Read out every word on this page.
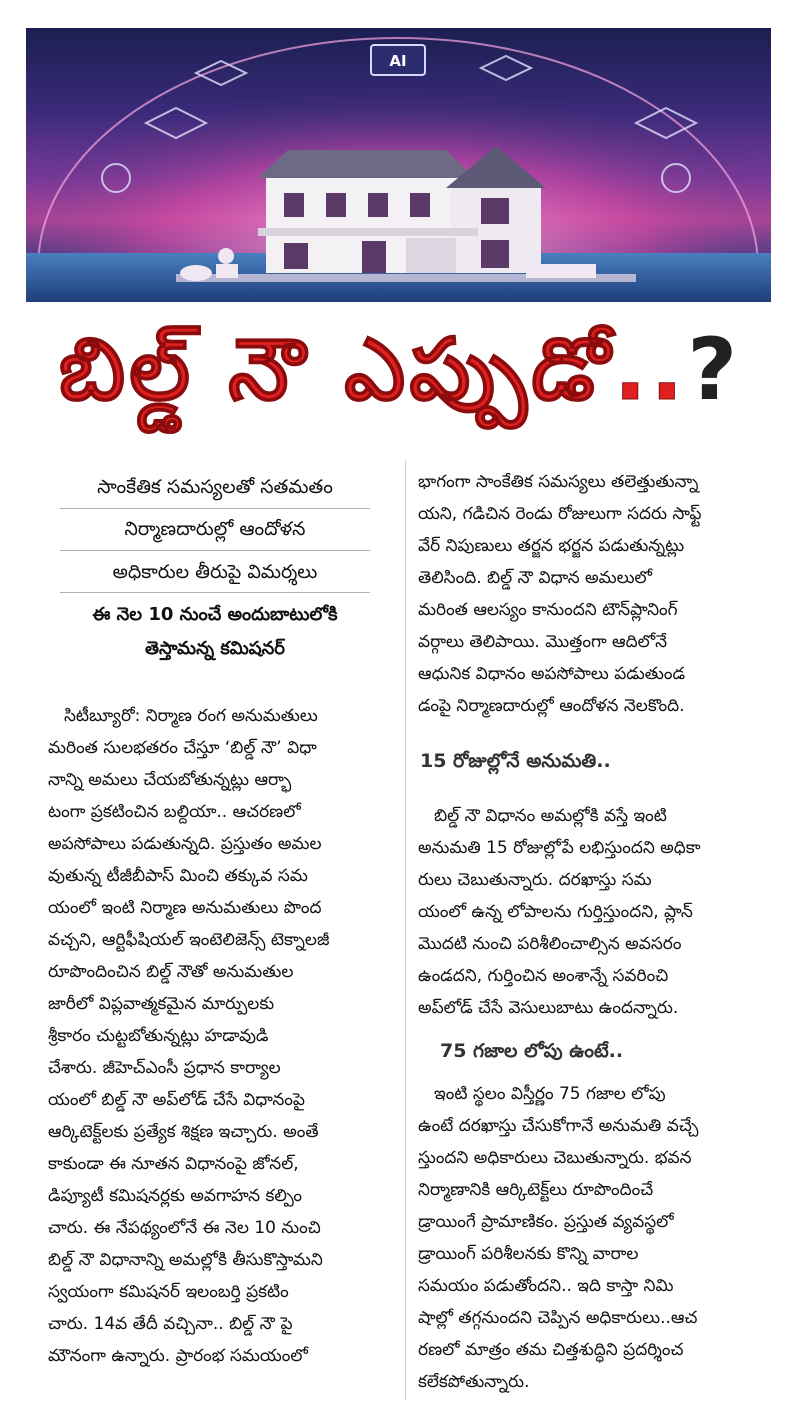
AI
బిల్డ్ నౌ ఎప్పుడో..?
సాంకేతిక సమస్యలతో సతమతం
నిర్మాణదారుల్లో ఆందోళన
అధికారుల తీరుపై విమర్శలు
ఈ నెల 10 నుంచే అందుబాటులోకి
తెస్తామన్న కమిషనర్
సిటీబ్యూరో: నిర్మాణ రంగ అనుమతులు
మరింత సులభతరం చేస్తూ ‘బిల్డ్ నౌ’ విధా
నాన్ని అమలు చేయబోతున్నట్లు ఆర్భా
టంగా ప్రకటించిన బల్దియా.. ఆచరణలో
అపసోపాలు పడుతున్నది. ప్రస్తుతం అమల
వుతున్న టీజీబీపాస్ మించి తక్కువ సమ
యంలో ఇంటి నిర్మాణ అనుమతులు పొంద
వచ్చని, ఆర్టిఫీషియల్ ఇంటెలిజెన్స్ టెక్నాలజీ
రూపొందించిన బిల్డ్ నౌతో అనుమతుల
జారీలో విప్లవాత్మకమైన మార్పులకు
శ్రీకారం చుట్టబోతున్నట్లు హడావుడి
చేశారు. జీహెచ్ఎంసీ ప్రధాన కార్యాల
యంలో బిల్డ్ నౌ అప్‌లోడ్ చేసే విధానంపై
ఆర్కిటెక్ట్‌లకు ప్రత్యేక శిక్షణ ఇచ్చారు. అంతే
కాకుండా ఈ నూతన విధానంపై జోనల్,
డిప్యూటీ కమిషనర్లకు అవగాహన కల్పిం
చారు. ఈ నేపథ్యంలోనే ఈ నెల 10 నుంచి
బిల్డ్ నౌ విధానాన్ని అమల్లోకి తీసుకొస్తామని
స్వయంగా కమిషనర్ ఇలంబర్తి ప్రకటిం
చారు. 14వ తేదీ వచ్చినా.. బిల్డ్ నౌ పై
మౌనంగా ఉన్నారు. ప్రారంభ సమయంలో
భాగంగా సాంకేతిక సమస్యలు తలెత్తుతున్నా
యని, గడిచిన రెండు రోజులుగా సదరు సాఫ్ట్
వేర్ నిపుణులు తర్జన భర్జన పడుతున్నట్లు
తెలిసింది. బిల్డ్ నౌ విధాన అమలులో
మరింత ఆలస్యం కానుందని టౌన్‌ప్లానింగ్
వర్గాలు తెలిపాయి. మొత్తంగా ఆదిలోనే
ఆధునిక విధానం అపసోపాలు పడుతుండ
డంపై నిర్మాణదారుల్లో ఆందోళన నెలకొంది.
15 రోజుల్లోనే అనుమతి..
బిల్డ్ నౌ విధానం అమల్లోకి వస్తే ఇంటి
అనుమతి 15 రోజుల్లోపే లభిస్తుందని అధికా
రులు చెబుతున్నారు. దరఖాస్తు సమ
యంలో ఉన్న లోపాలను గుర్తిస్తుందని, ప్లాన్
మొదటి నుంచి పరిశీలించాల్సిన అవసరం
ఉండదని, గుర్తించిన అంశాన్నే సవరించి
అప్‌లోడ్ చేసే వెసులుబాటు ఉందన్నారు.
75 గజాల లోపు ఉంటే..
ఇంటి స్థలం విస్తీర్ణం 75 గజాల లోపు
ఉంటే దరఖాస్తు చేసుకోగానే అనుమతి వచ్చే
స్తుందని అధికారులు చెబుతున్నారు. భవన
నిర్మాణానికి ఆర్కిటెక్ట్‌లు రూపొందించే
డ్రాయింగే ప్రామాణికం. ప్రస్తుత వ్యవస్థలో
డ్రాయింగ్ పరిశీలనకు కొన్ని వారాల
సమయం పడుతోందని.. ఇది కాస్తా నిమి
షాల్లో తగ్గనుందని చెప్పిన అధికారులు..ఆచ
రణలో మాత్రం తమ చిత్తశుద్ధిని ప్రదర్శించ
కలేకపోతున్నారు.
